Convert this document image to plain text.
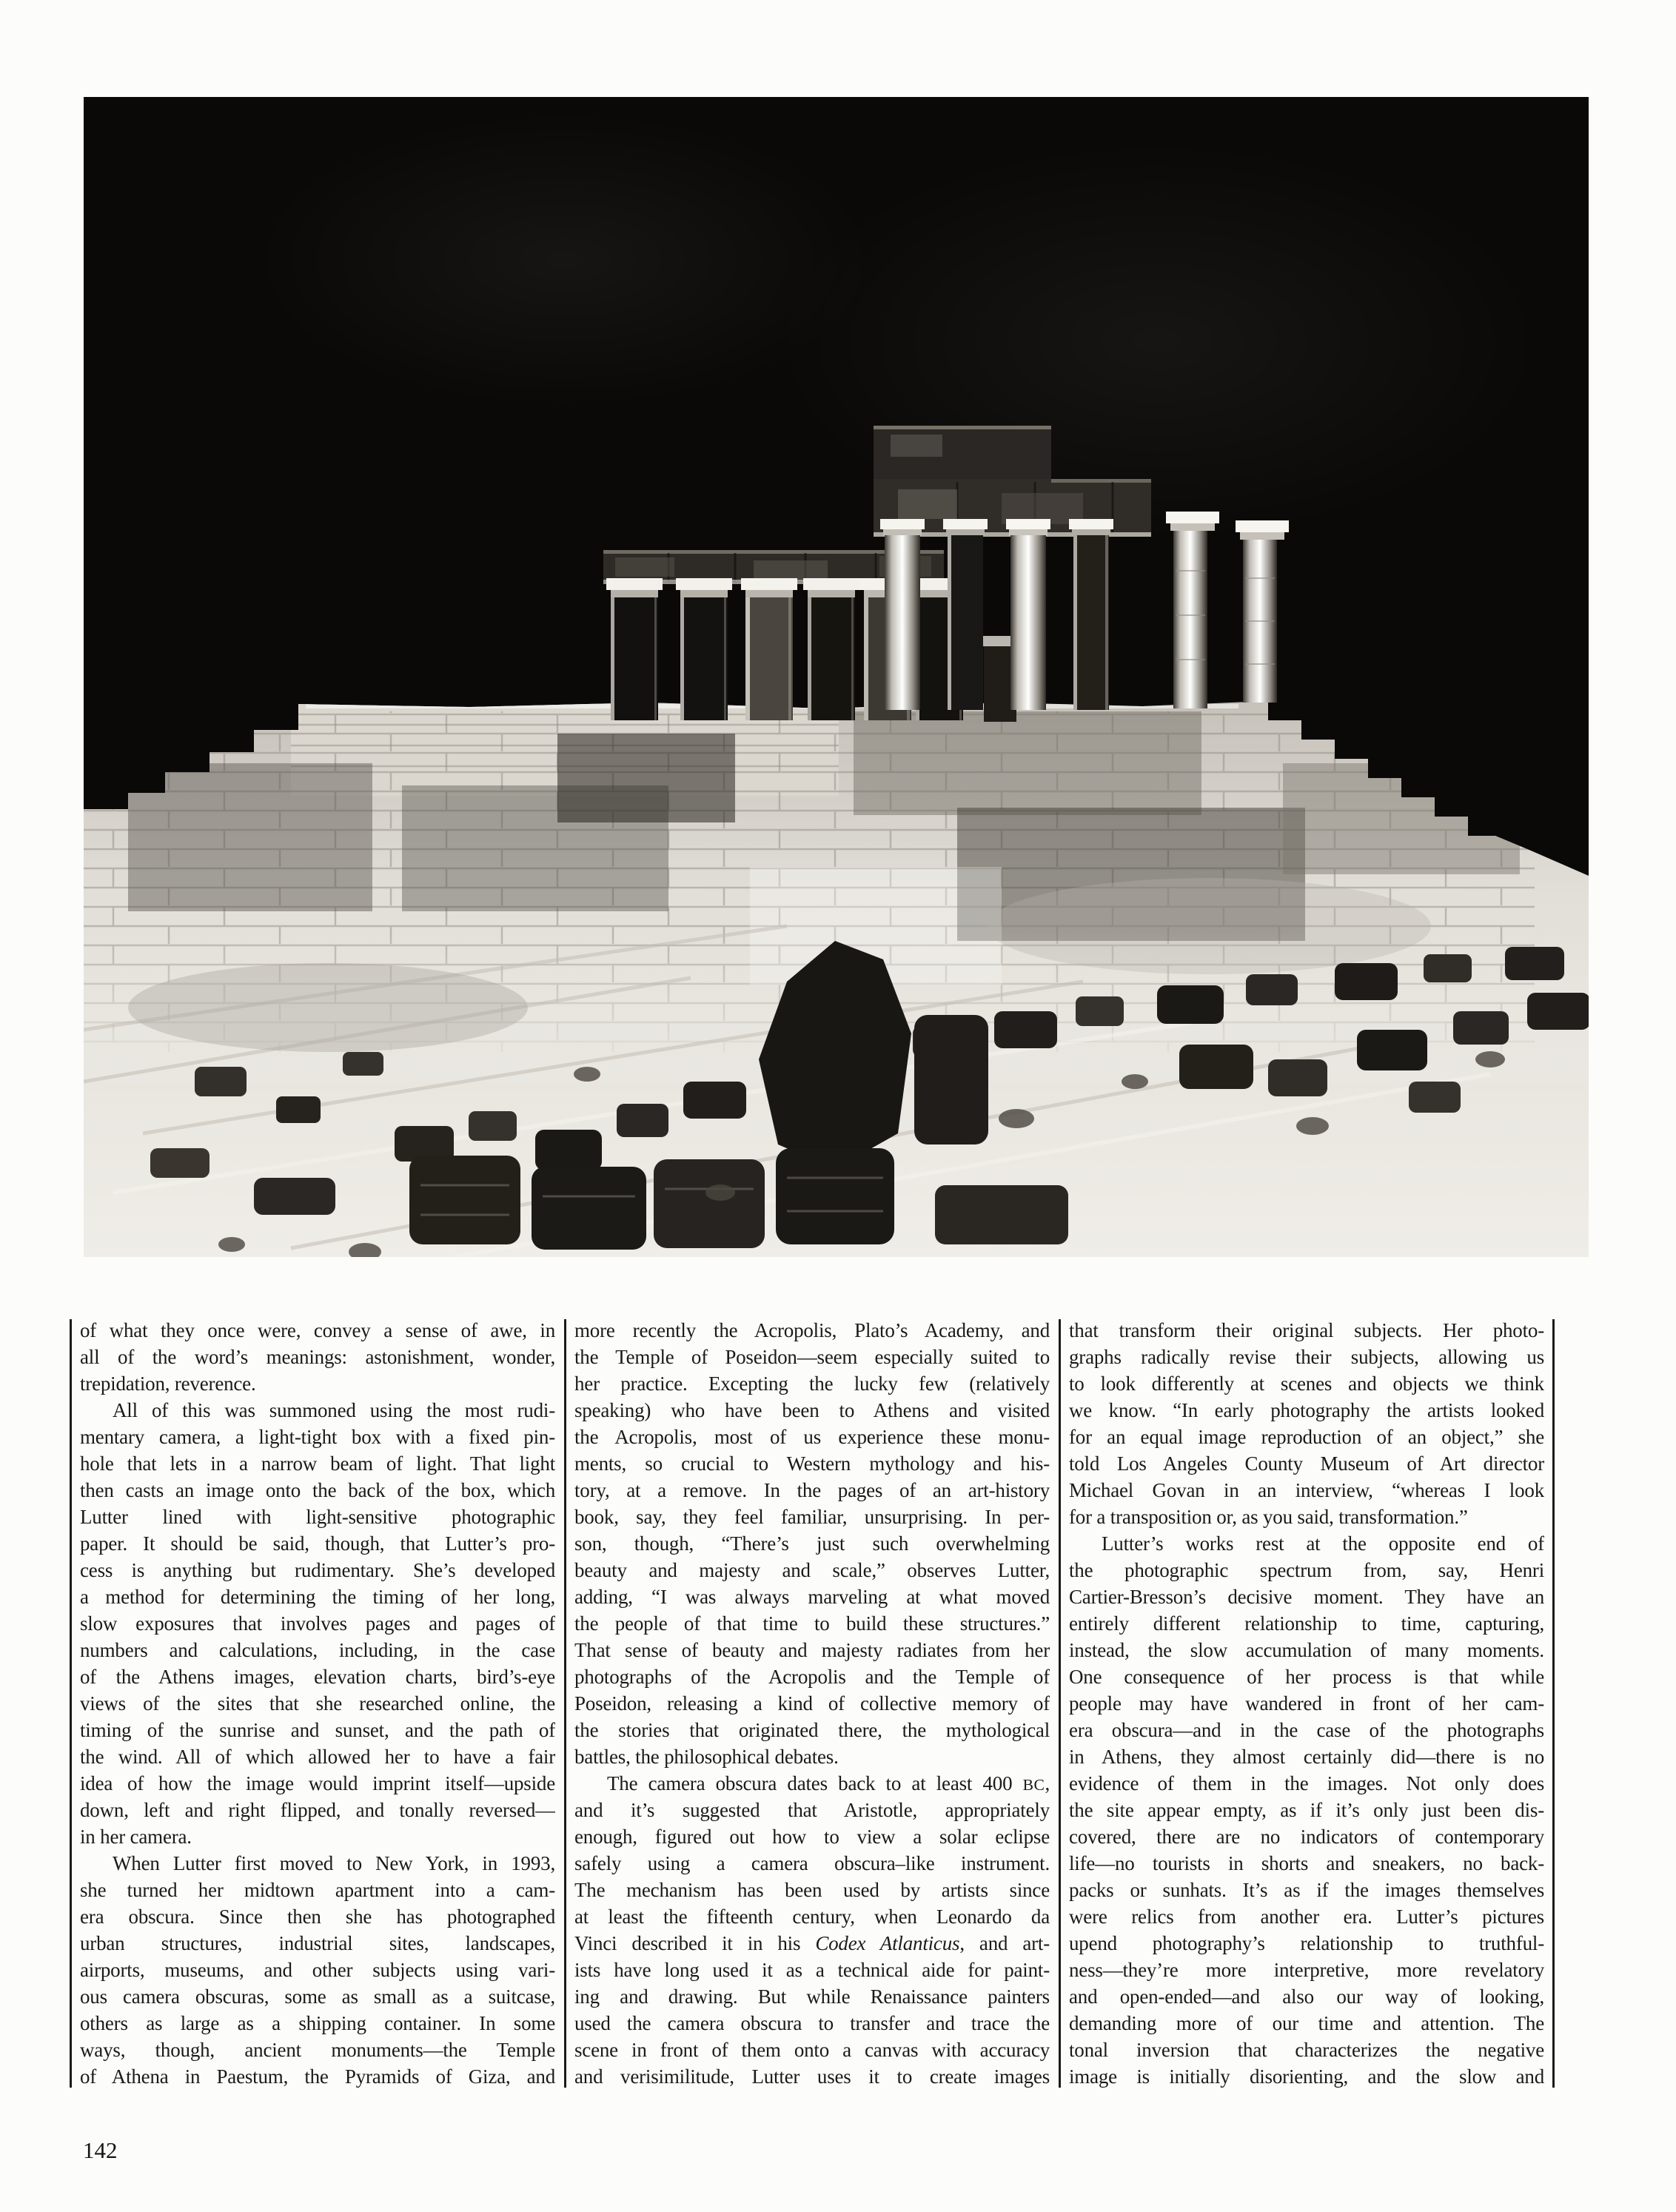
of what they once were, convey a sense of awe, in
all of the word’s meanings: astonishment, wonder,
trepidation, reverence.
All of this was summoned using the most rudi-
mentary camera, a light-tight box with a fixed pin-
hole that lets in a narrow beam of light. That light
then casts an image onto the back of the box, which
Lutter lined with light-sensitive photographic
paper. It should be said, though, that Lutter’s pro-
cess is anything but rudimentary. She’s developed
a method for determining the timing of her long,
slow exposures that involves pages and pages of
numbers and calculations, including, in the case
of the Athens images, elevation charts, bird’s-eye
views of the sites that she researched online, the
timing of the sunrise and sunset, and the path of
the wind. All of which allowed her to have a fair
idea of how the image would imprint itself—upside
down, left and right flipped, and tonally reversed—
in her camera.
When Lutter first moved to New York, in 1993,
she turned her midtown apartment into a cam-
era obscura. Since then she has photographed
urban structures, industrial sites, landscapes,
airports, museums, and other subjects using vari-
ous camera obscuras, some as small as a suitcase,
others as large as a shipping container. In some
ways, though, ancient monuments—the Temple
of Athena in Paestum, the Pyramids of Giza, and
more recently the Acropolis, Plato’s Academy, and
the Temple of Poseidon—seem especially suited to
her practice. Excepting the lucky few (relatively
speaking) who have been to Athens and visited
the Acropolis, most of us experience these monu-
ments, so crucial to Western mythology and his-
tory, at a remove. In the pages of an art-history
book, say, they feel familiar, unsurprising. In per-
son, though, “There’s just such overwhelming
beauty and majesty and scale,” observes Lutter,
adding, “I was always marveling at what moved
the people of that time to build these structures.”
That sense of beauty and majesty radiates from her
photographs of the Acropolis and the Temple of
Poseidon, releasing a kind of collective memory of
the stories that originated there, the mythological
battles, the philosophical debates.
The camera obscura dates back to at least 400 BC,
and it’s suggested that Aristotle, appropriately
enough, figured out how to view a solar eclipse
safely using a camera obscura–like instrument.
The mechanism has been used by artists since
at least the fifteenth century, when Leonardo da
Vinci described it in his Codex Atlanticus, and art-
ists have long used it as a technical aide for paint-
ing and drawing. But while Renaissance painters
used the camera obscura to transfer and trace the
scene in front of them onto a canvas with accuracy
and verisimilitude, Lutter uses it to create images
that transform their original subjects. Her photo-
graphs radically revise their subjects, allowing us
to look differently at scenes and objects we think
we know. “In early photography the artists looked
for an equal image reproduction of an object,” she
told Los Angeles County Museum of Art director
Michael Govan in an interview, “whereas I look
for a transposition or, as you said, transformation.”
Lutter’s works rest at the opposite end of
the photographic spectrum from, say, Henri
Cartier-Bresson’s decisive moment. They have an
entirely different relationship to time, capturing,
instead, the slow accumulation of many moments.
One consequence of her process is that while
people may have wandered in front of her cam-
era obscura—and in the case of the photographs
in Athens, they almost certainly did—there is no
evidence of them in the images. Not only does
the site appear empty, as if it’s only just been dis-
covered, there are no indicators of contemporary
life—no tourists in shorts and sneakers, no back-
packs or sunhats. It’s as if the images themselves
were relics from another era. Lutter’s pictures
upend photography’s relationship to truthful-
ness—they’re more interpretive, more revelatory
and open-ended—and also our way of looking,
demanding more of our time and attention. The
tonal inversion that characterizes the negative
image is initially disorienting, and the slow and
142
